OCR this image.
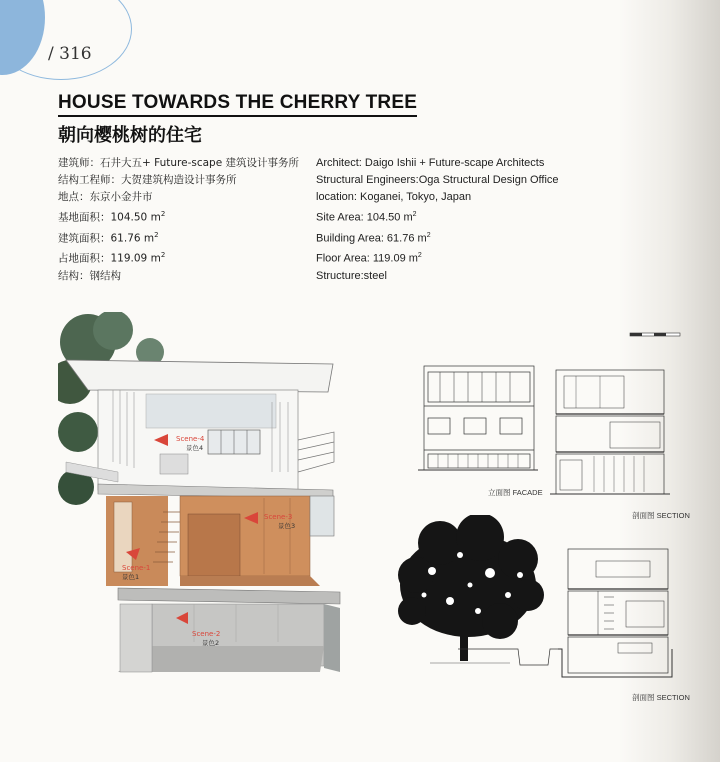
/ 316
HOUSE TOWARDS THE CHERRY TREE
朝向樱桃树的住宅
建筑师：石井大五+ Future-scape 建筑设计事务所
结构工程师：大贺建筑构造设计事务所
地点：东京小金井市
基地面积：104.50 $m^2$
建筑面积：61.76 $m^2$
占地面积：119.09 $m^2$
结构：钢结构
Architect: Daigo Ishii + Future-scape Architects
Structural Engineers:Oga Structural Design Office
location: Koganei, Tokyo, Japan
Site Area: 104.50 $m^2$
Building Area: 61.76 $m^2$
Floor Area: 119.09 $m^2$
Structure:steel
Scene-4
景色4
Scene-3
景色3
Scene-1
景色1
Scene-2
景色2
立面图 FACADE
剖面图 SECTION
剖面图 SECTION
